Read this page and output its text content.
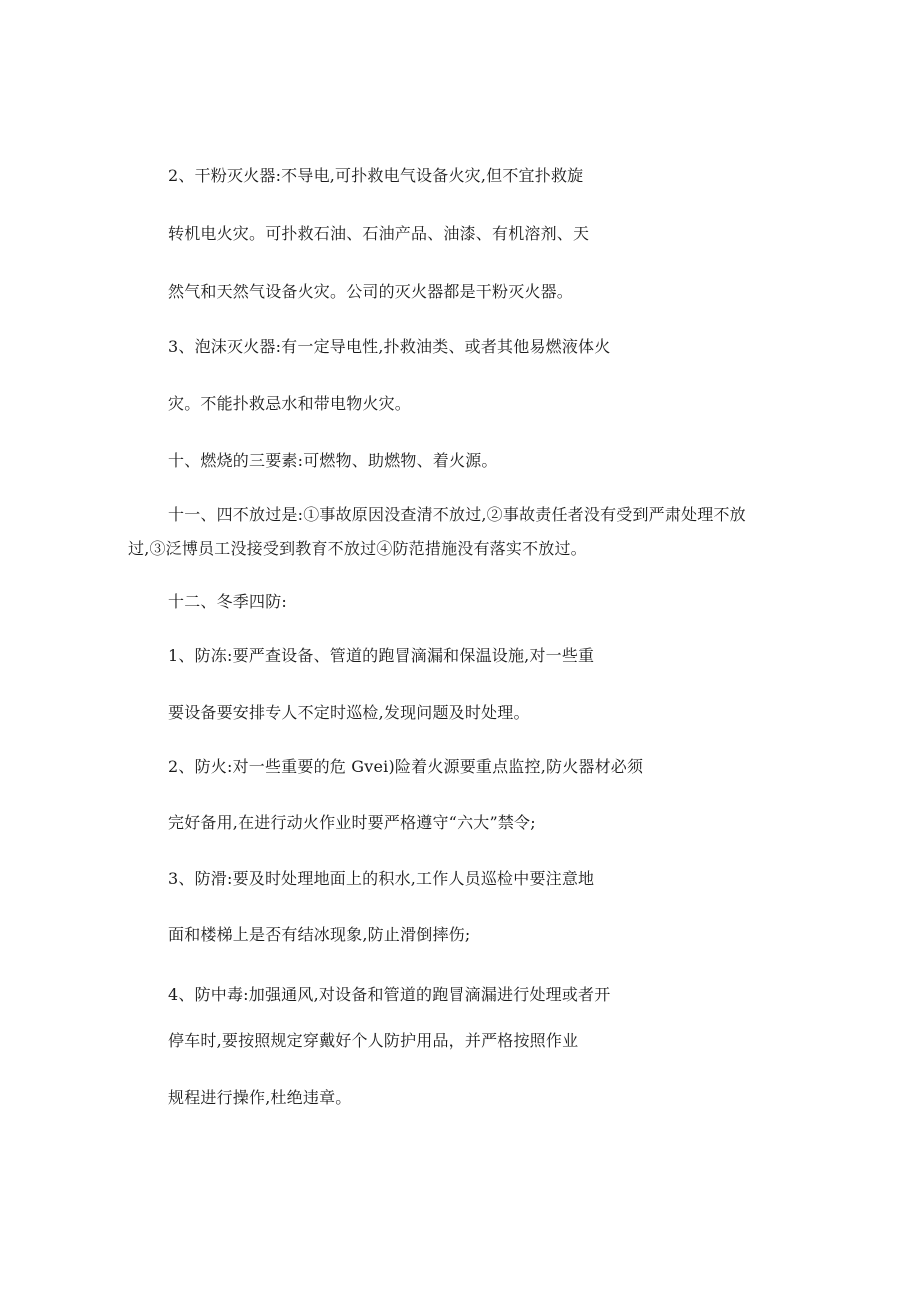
2、干粉灭火器:不导电,可扑救电气设备火灾,但不宜扑救旋
转机电火灾。可扑救石油、石油产品、油漆、有机溶剂、天
然气和天然气设备火灾。公司的灭火器都是干粉灭火器。
3、泡沫灭火器:有一定导电性,扑救油类、或者其他易燃液体火
灾。不能扑救忌水和带电物火灾。
十、燃烧的三要素:可燃物、助燃物、着火源。
十一、四不放过是:①事故原因没查清不放过,②事故责任者没有受到严肃处理不放
过,③泛博员工没接受到教育不放过④防范措施没有落实不放过。
十二、冬季四防:
1、防冻:要严查设备、管道的跑冒滴漏和保温设施,对一些重
要设备要安排专人不定时巡检,发现问题及时处理。
2、防火:对一些重要的危 Gvei)险着火源要重点监控,防火器材必须
完好备用,在进行动火作业时要严格遵守“六大”禁令;
3、防滑:要及时处理地面上的积水,工作人员巡检中要注意地
面和楼梯上是否有结冰现象,防止滑倒摔伤;
4、防中毒:加强通风,对设备和管道的跑冒滴漏进行处理或者开
停车时,要按照规定穿戴好个人防护用品，并严格按照作业
规程进行操作,杜绝违章。
